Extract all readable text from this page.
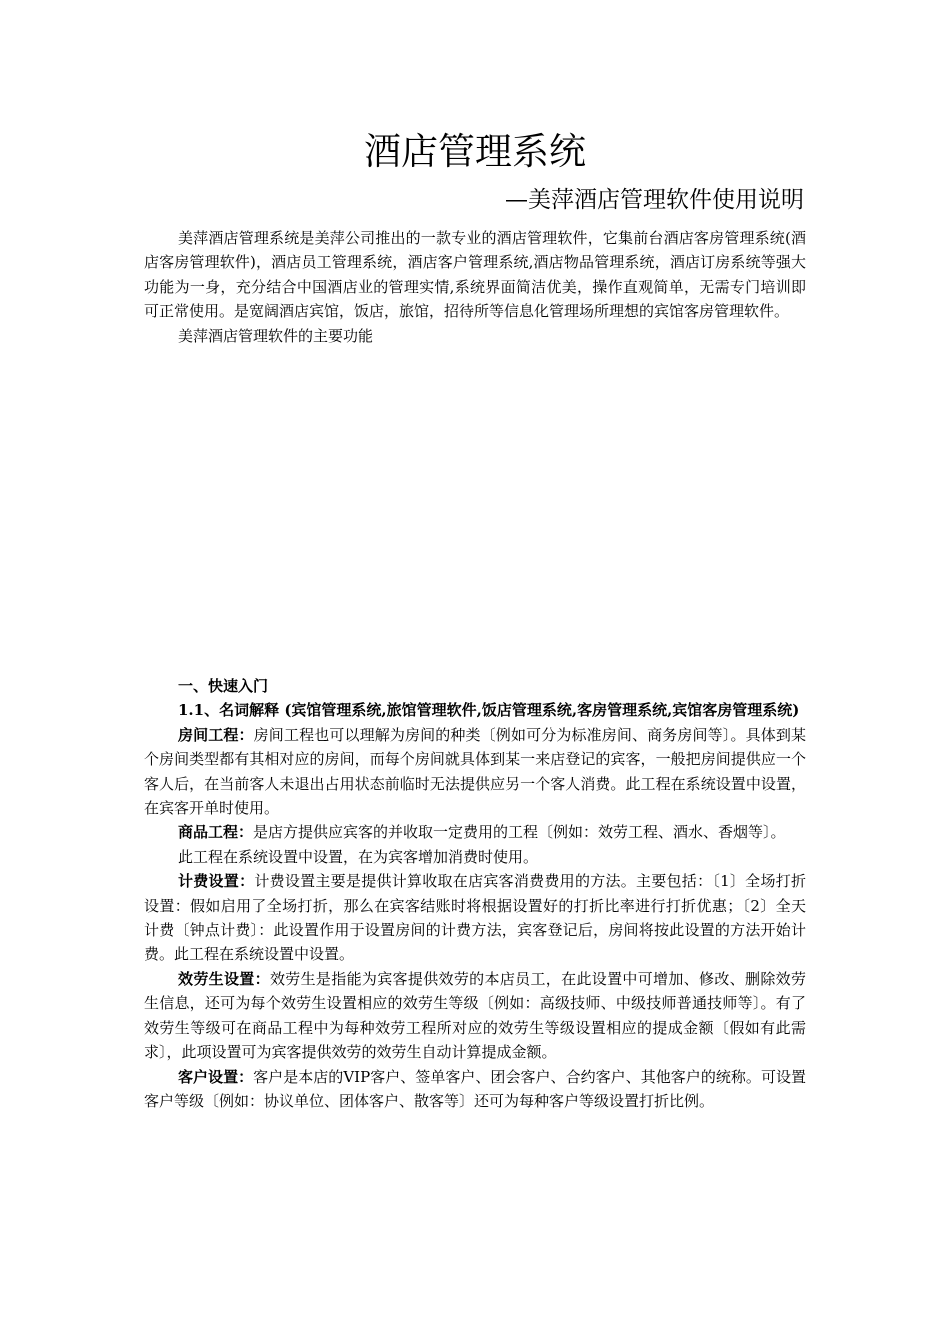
酒店管理系统
—美萍酒店管理软件使用说明

美萍酒店管理系统是美萍公司推出的一款专业的酒店管理软件，它集前台酒店客房管理系统(酒店客房管理软件)，酒店员工管理系统，酒店客户管理系统,酒店物品管理系统，酒店订房系统等强大功能为一身，充分结合中国酒店业的管理实情,系统界面简洁优美，操作直观简单，无需专门培训即可正常使用。是宽阔酒店宾馆，饭店，旅馆，招待所等信息化管理场所理想的宾馆客房管理软件。

美萍酒店管理软件的主要功能

一、快速入门

1.1、名词解释 (宾馆管理系统,旅馆管理软件,饭店管理系统,客房管理系统,宾馆客房管理系统)

房间工程：房间工程也可以理解为房间的种类〔例如可分为标准房间、商务房间等〕。具体到某个房间类型都有其相对应的房间，而每个房间就具体到某一来店登记的宾客，一般把房间提供应一个客人后，在当前客人未退出占用状态前临时无法提供应另一个客人消费。此工程在系统设置中设置，在宾客开单时使用。

商品工程：是店方提供应宾客的并收取一定费用的工程〔例如：效劳工程、酒水、香烟等〕。

此工程在系统设置中设置，在为宾客增加消费时使用。

计费设置：计费设置主要是提供计算收取在店宾客消费费用的方法。主要包括：〔1〕全场打折设置：假如启用了全场打折，那么在宾客结账时将根据设置好的打折比率进行打折优惠；〔2〕全天计费〔钟点计费〕：此设置作用于设置房间的计费方法，宾客登记后，房间将按此设置的方法开始计费。此工程在系统设置中设置。

效劳生设置：效劳生是指能为宾客提供效劳的本店员工，在此设置中可增加、修改、删除效劳生信息，还可为每个效劳生设置相应的效劳生等级〔例如：高级技师、中级技师普通技师等〕。有了效劳生等级可在商品工程中为每种效劳工程所对应的效劳生等级设置相应的提成金额〔假如有此需求〕，此项设置可为宾客提供效劳的效劳生自动计算提成金额。

客户设置：客户是本店的VIP客户、签单客户、团会客户、合约客户、其他客户的统称。可设置客户等级〔例如：协议单位、团体客户、散客等〕还可为每种客户等级设置打折比例。
